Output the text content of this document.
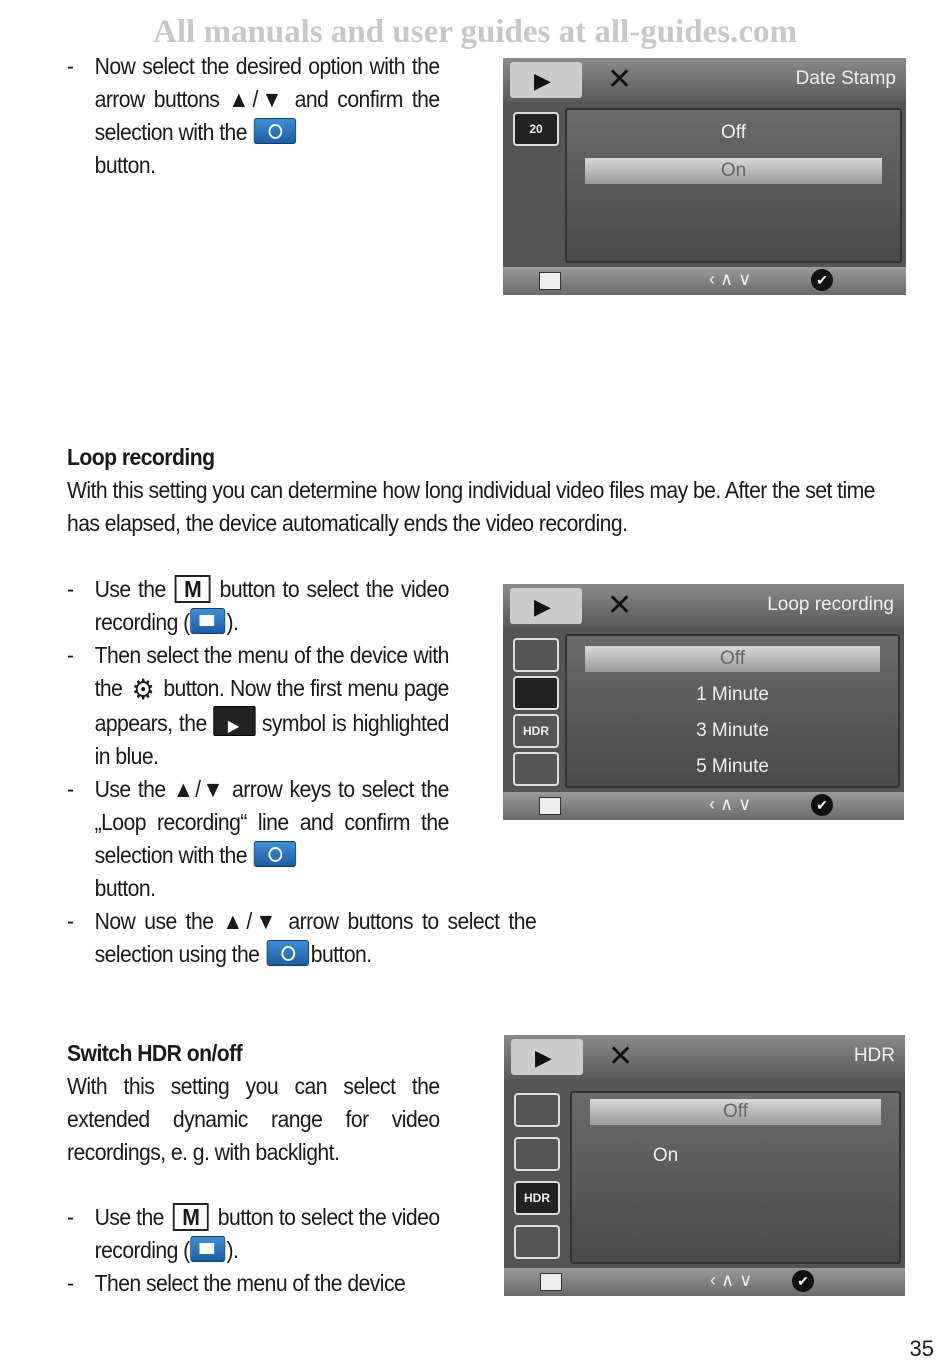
All manuals and user guides at all-guides.com
- Now select the desired option with the arrow buttons ▲/▼ and confirm the selection with the
button.
▶
✕	Date Stamp
20	Off
On
‹ ∧ ∨	✔
Loop recording
With this setting you can determine how long individual video files may be. After the set time has elapsed, the device automatically ends the video recording.
- Use the M button to select the video recording ( ).
- Then select the menu of the device with the ⚙ button. Now the first menu page appears, the ▶ symbol is highlighted in blue.
- Use the ▲/▼ arrow keys to select the „Loop recording“ line and confirm the selection with the
button.
- Now use the ▲/▼ arrow buttons to select the selection using the button.
▶
✕	Loop recording
HDR
Off
1 Minute
3 Minute
5 Minute
‹ ∧ ∨	✔
Switch HDR on/off
With this setting you can select the extended dynamic range for video recordings, e. g. with backlight.
- Use the M button to select the video recording ( ).
- Then select the menu of the device
▶
✕	HDR
HDR
Off
On
‹ ∧ ∨	✔
35
